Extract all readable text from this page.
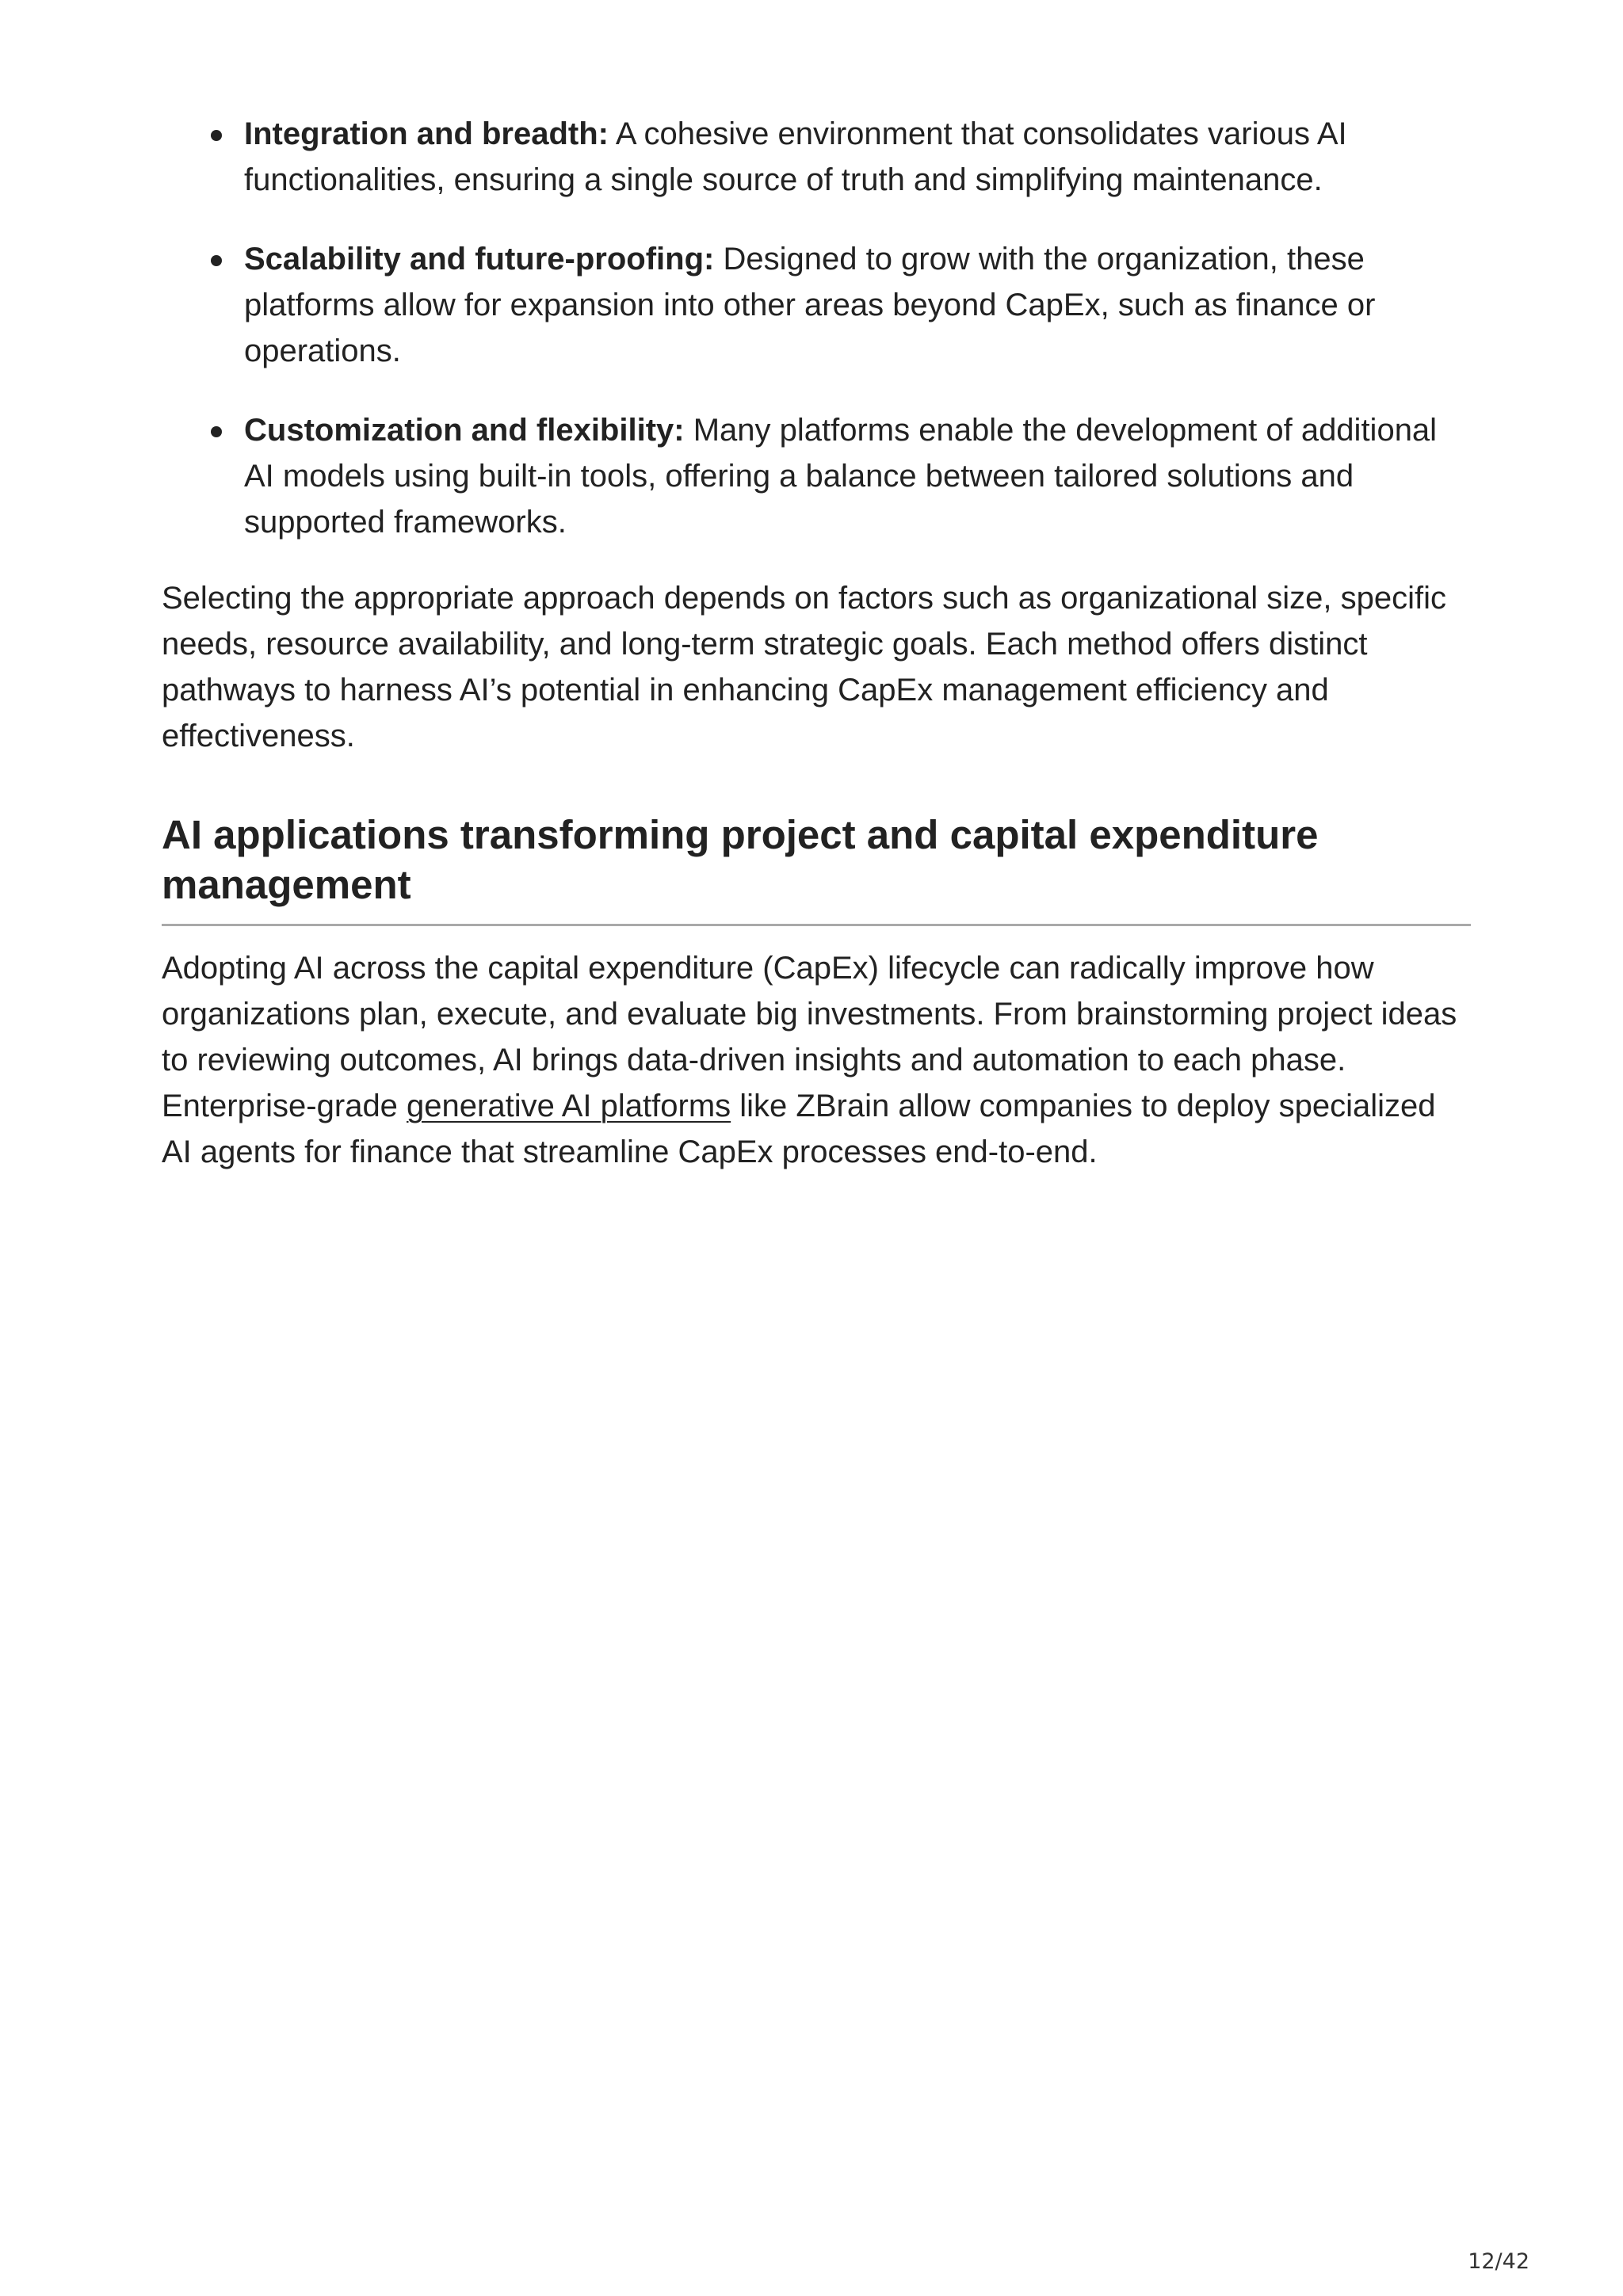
Integration and breadth: A cohesive environment that consolidates various AI functionalities, ensuring a single source of truth and simplifying maintenance.
Scalability and future-proofing: Designed to grow with the organization, these platforms allow for expansion into other areas beyond CapEx, such as finance or operations.
Customization and flexibility: Many platforms enable the development of additional AI models using built-in tools, offering a balance between tailored solutions and supported frameworks.

Selecting the appropriate approach depends on factors such as organizational size, specific needs, resource availability, and long-term strategic goals. Each method offers distinct pathways to harness AI’s potential in enhancing CapEx management efficiency and effectiveness.

AI applications transforming project and capital expenditure management

Adopting AI across the capital expenditure (CapEx) lifecycle can radically improve how organizations plan, execute, and evaluate big investments. From brainstorming project ideas to reviewing outcomes, AI brings data-driven insights and automation to each phase. Enterprise-grade generative AI platforms like ZBrain allow companies to deploy specialized AI agents for finance that streamline CapEx processes end-to-end.

12/42
